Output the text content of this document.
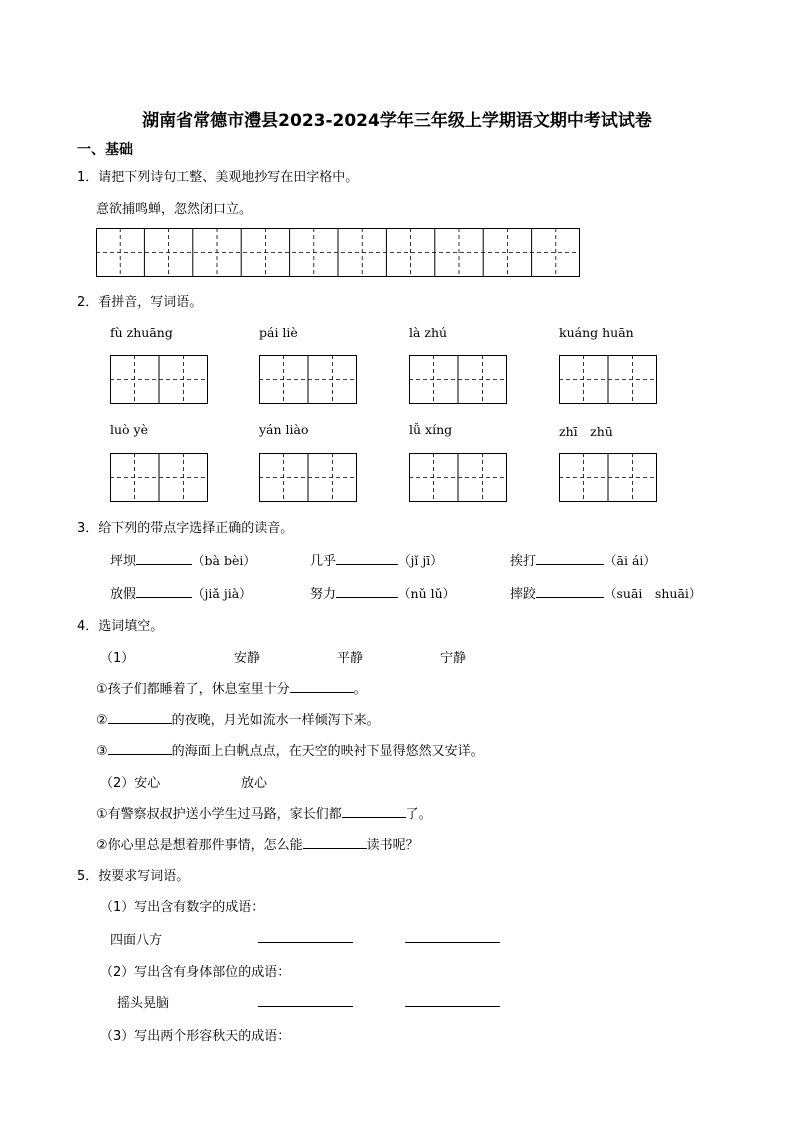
湖南省常德市澧县2023-2024学年三年级上学期语文期中考试试卷
一、基础
1．请把下列诗句工整、美观地抄写在田字格中。
意欲捕鸣蝉，忽然闭口立。
2．看拼音，写词语。
fù zhuāng	pái liè	là zhú	kuáng huān
luò yè	yán liào	lǚ xíng	zhī　zhū
3．给下列的带点字选择正确的读音。
坪坝	（bà bèi）	几乎	（jǐ jī）	挨打	（āi ái）
放假	（jiǎ jià）	努力	（nǔ lǔ）	摔跤	（suāi　shuāi）
4．选词填空。
（1）	安静	平静	宁静
①孩子们都睡着了，休息室里十分	。
②	的夜晚，月光如流水一样倾泻下来。
③	的海面上白帆点点，在天空的映衬下显得悠然又安详。
（2）安心	放心
①有警察叔叔护送小学生过马路，家长们都	了。
②你心里总是想着那件事情，怎么能	读书呢？
5．按要求写词语。
（1）写出含有数字的成语：
四面八方
（2）写出含有身体部位的成语：
摇头晃脑
（3）写出两个形容秋天的成语：
